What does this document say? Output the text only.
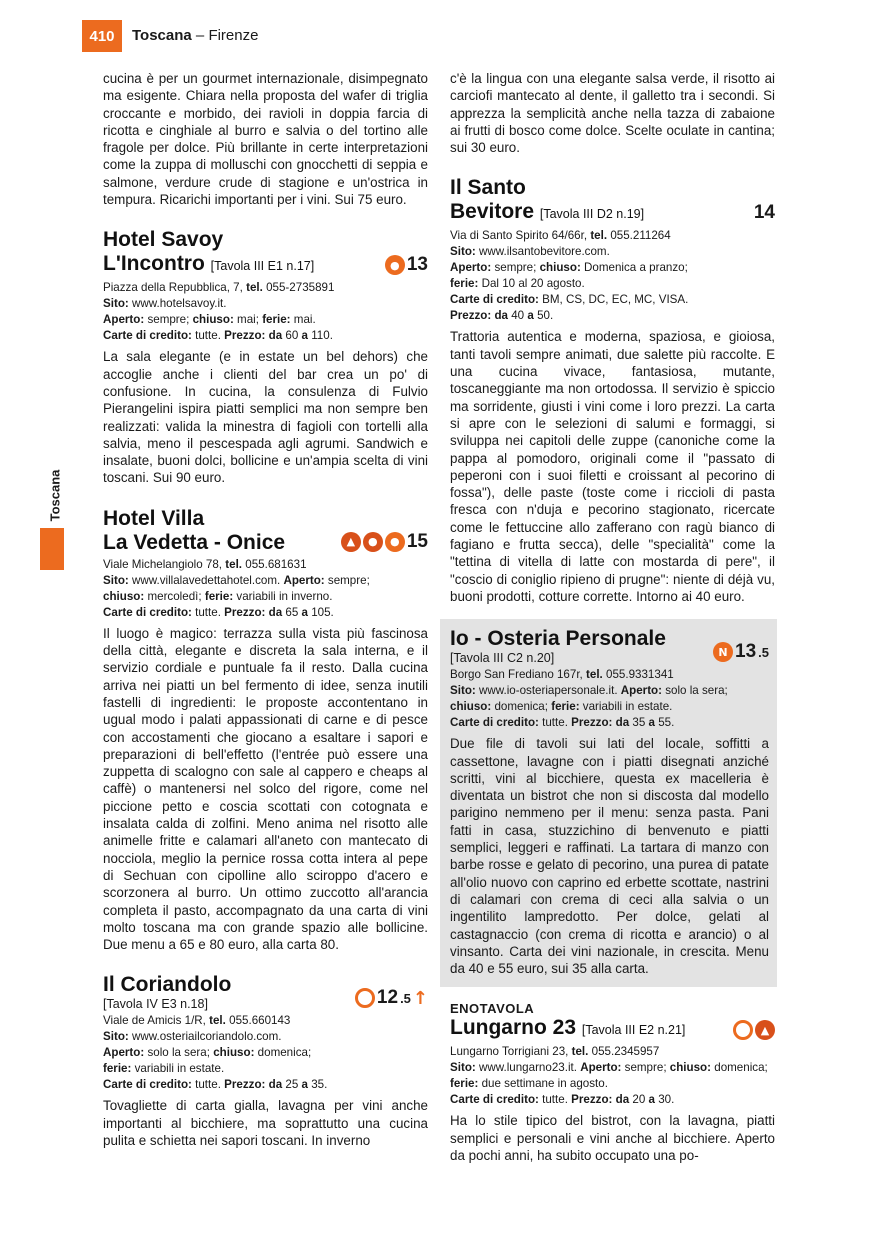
410	Toscana – Firenze
Toscana

cucina è per un gourmet internazionale, disimpegnato ma esigente. Chiara nella proposta del wafer di triglia croccante e morbido, dei ravioli in doppia farcia di ricotta e cinghiale al burro e salvia o del tortino alle fragole per dolce. Più brillante in certe interpretazioni come la zuppa di molluschi con gnocchetti di seppia e salmone, verdure crude di stagione e un'ostrica in tempura. Ricarichi importanti per i vini. Sui 75 euro.

Hotel Savoy
L'Incontro [Tavola III E1 n.17]	● 13
Piazza della Repubblica, 7, tel. 055-2735891
Sito: www.hotelsavoy.it.
Aperto: sempre; chiuso: mai; ferie: mai.
Carte di credito: tutte. Prezzo: da 60 a 110.

La sala elegante (e in estate un bel dehors) che accoglie anche i clienti del bar crea un po' di confusione. In cucina, la consulenza di Fulvio Pierangelini ispira piatti semplici ma non sempre ben realizzati: valida la minestra di fagioli con tortelli alla salvia, meno il pescespada agli agrumi. Sandwich e insalate, buoni dolci, bollicine e un'ampia scelta di vini toscani. Sui 90 euro.

Hotel Villa
La Vedetta - Onice	▲	●	● 15
Viale Michelangiolo 78, tel. 055.681631
Sito: www.villalavedettahotel.com. Aperto: sempre;
chiuso: mercoledì; ferie: variabili in inverno.
Carte di credito: tutte. Prezzo: da 65 a 105.

Il luogo è magico: terrazza sulla vista più fascinosa della città, elegante e discreta la sala interna, e il servizio cordiale e puntuale fa il resto. Dalla cucina arriva nei piatti un bel fermento di idee, senza inutili fastelli di ingredienti: le proposte accontentano in ugual modo i palati appassionati di carne e di pesce con accostamenti che giocano a esaltare i sapori e preparazioni di bell'effetto (l'entrée può essere una zuppetta di scalogno con sale al cappero e cheaps al caffè) o mantenersi nel solco del rigore, come nel piccione petto e coscia scottati con cotognata e insalata calda di zolfini. Meno anima nel risotto alle animelle fritte e calamari all'aneto con mantecato di nocciola, meglio la pernice rossa cotta intera al pepe di Sechuan con cipolline allo sciroppo d'acero e scorzonera al burro. Un ottimo zuccotto all'arancia completa il pasto, accompagnato da una carta di vini molto toscana ma con grande spazio alle bollicine. Due menu a 65 e 80 euro, alla carta 80.

Il Coriandolo
[Tavola IV E3 n.18]	12 .5 ↑
Viale de Amicis 1/R, tel. 055.660143
Sito: www.osteriailcoriandolo.com.
Aperto: solo la sera; chiuso: domenica;
ferie: variabili in estate.
Carte di credito: tutte. Prezzo: da 25 a 35.

Tovagliette di carta gialla, lavagna per vini anche importanti al bicchiere, ma soprattutto una cucina pulita e schietta nei sapori toscani. In inverno

c'è la lingua con una elegante salsa verde, il risotto ai carciofi mantecato al dente, il galletto tra i secondi. Si apprezza la semplicità anche nella tazza di zabaione ai frutti di bosco come dolce. Scelte oculate in cantina; sui 30 euro.

Il Santo
Bevitore [Tavola III D2 n.19]	14
Via di Santo Spirito 64/66r, tel. 055.211264
Sito: www.ilsantobevitore.com.
Aperto: sempre; chiuso: Domenica a pranzo;
ferie: Dal 10 al 20 agosto.
Carte di credito: BM, CS, DC, EC, MC, VISA.
Prezzo: da 40 a 50.

Trattoria autentica e moderna, spaziosa, e gioiosa, tanti tavoli sempre animati, due salette più raccolte. E una cucina vivace, fantasiosa, mutante, toscaneggiante ma non ortodossa. Il servizio è spiccio ma sorridente, giusti i vini come i loro prezzi. La carta si apre con le selezioni di salumi e formaggi, si sviluppa nei capitoli delle zuppe (canoniche come la pappa al pomodoro, originali come il "passato di peperoni con i suoi filetti e croissant al pecorino di fossa"), delle paste (toste come i riccioli di pasta fresca con n'duja e pecorino stagionato, ricercate come le fettuccine allo zafferano con ragù bianco di fagiano e frutta secca), delle "specialità" come la "tettina di vitella di latte con mostarda di pere", il "coscio di coniglio ripieno di prugne": niente di déjà vu, buoni prodotti, cotture corrette. Intorno ai 40 euro.

Io - Osteria Personale
[Tavola III C2 n.20]	N 13 .5
Borgo San Frediano 167r, tel. 055.9331341
Sito: www.io-osteriapersonale.it. Aperto: solo la sera;
chiuso: domenica; ferie: variabili in estate.
Carte di credito: tutte. Prezzo: da 35 a 55.

Due file di tavoli sui lati del locale, soffitti a cassettone, lavagne con i piatti disegnati anziché scritti, vini al bicchiere, questa ex macelleria è diventata un bistrot che non si discosta dal modello parigino nemmeno per il menu: senza pasta. Pani fatti in casa, stuzzichino di benvenuto e piatti semplici, leggeri e raffinati. La tartara di manzo con barbe rosse e gelato di pecorino, una purea di patate all'olio nuovo con caprino ed erbette scottate, nastrini di calamari con crema di ceci alla salvia o un ingentilito lampredotto. Per dolce, gelati al castagnaccio (con crema di ricotta e arancio) o al vinsanto. Carta dei vini nazionale, in crescita. Menu da 40 e 55 euro, sui 35 alla carta.

ENOTAVOLA
Lungarno 23 [Tavola III E2 n.21]	▲
Lungarno Torrigiani 23, tel. 055.2345957
Sito: www.lungarno23.it. Aperto: sempre; chiuso: domenica;
ferie: due settimane in agosto.
Carte di credito: tutte. Prezzo: da 20 a 30.

Ha lo stile tipico del bistrot, con la lavagna, piatti semplici e personali e vini anche al bicchiere. Aperto da pochi anni, ha subito occupato una po-
